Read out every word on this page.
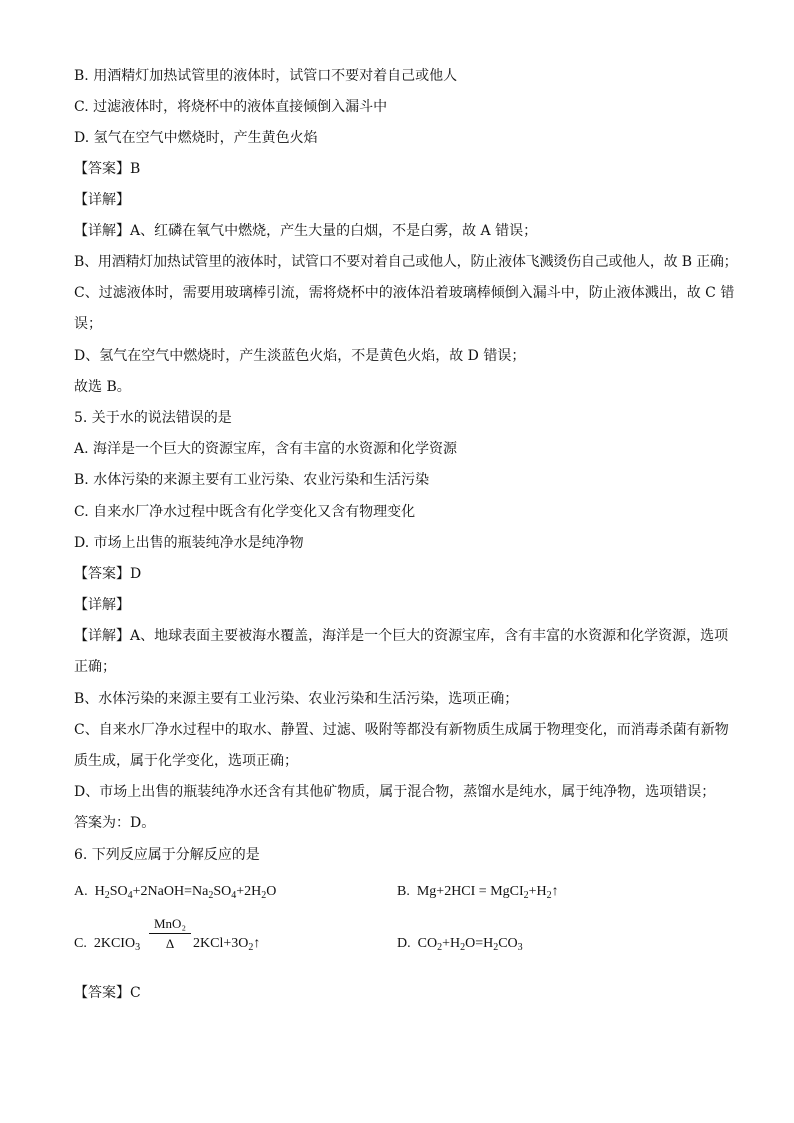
B. 用酒精灯加热试管里的液体时，试管口不要对着自己或他人
C. 过滤液体时，将烧杯中的液体直接倾倒入漏斗中
D. 氢气在空气中燃烧时，产生黄色火焰
【答案】B
【详解】
【详解】A、红磷在氧气中燃烧，产生大量的白烟，不是白雾，故 A 错误；
B、用酒精灯加热试管里的液体时，试管口不要对着自己或他人，防止液体飞溅烫伤自己或他人，故 B 正确；
C、过滤液体时，需要用玻璃棒引流，需将烧杯中的液体沿着玻璃棒倾倒入漏斗中，防止液体溅出，故 C 错
误；
D、氢气在空气中燃烧时，产生淡蓝色火焰，不是黄色火焰，故 D 错误；
故选 B。
5. 关于水的说法错误的是
A. 海洋是一个巨大的资源宝库，含有丰富的水资源和化学资源
B. 水体污染的来源主要有工业污染、农业污染和生活污染
C. 自来水厂净水过程中既含有化学变化又含有物理变化
D. 市场上出售的瓶装纯净水是纯净物
【答案】D
【详解】
【详解】A、地球表面主要被海水覆盖，海洋是一个巨大的资源宝库，含有丰富的水资源和化学资源，选项
正确；
B、水体污染的来源主要有工业污染、农业污染和生活污染，选项正确；
C、自来水厂净水过程中的取水、静置、过滤、吸附等都没有新物质生成属于物理变化，而消毒杀菌有新物
质生成，属于化学变化，选项正确；
D、市场上出售的瓶装纯净水还含有其他矿物质，属于混合物，蒸馏水是纯水，属于纯净物，选项错误；
答案为：D。
6. 下列反应属于分解反应的是
A.  $H_2SO_4+2NaOH=Na_2SO_4+2H_2O$	B.  $Mg+2HCI = MgCI_2+H_2↑$
C.  $2KCIO_3$
MnO₂
Δ	$2KCl+3O_2↑$	D.  $CO_2+H_2O=H_2CO_3$
【答案】C
